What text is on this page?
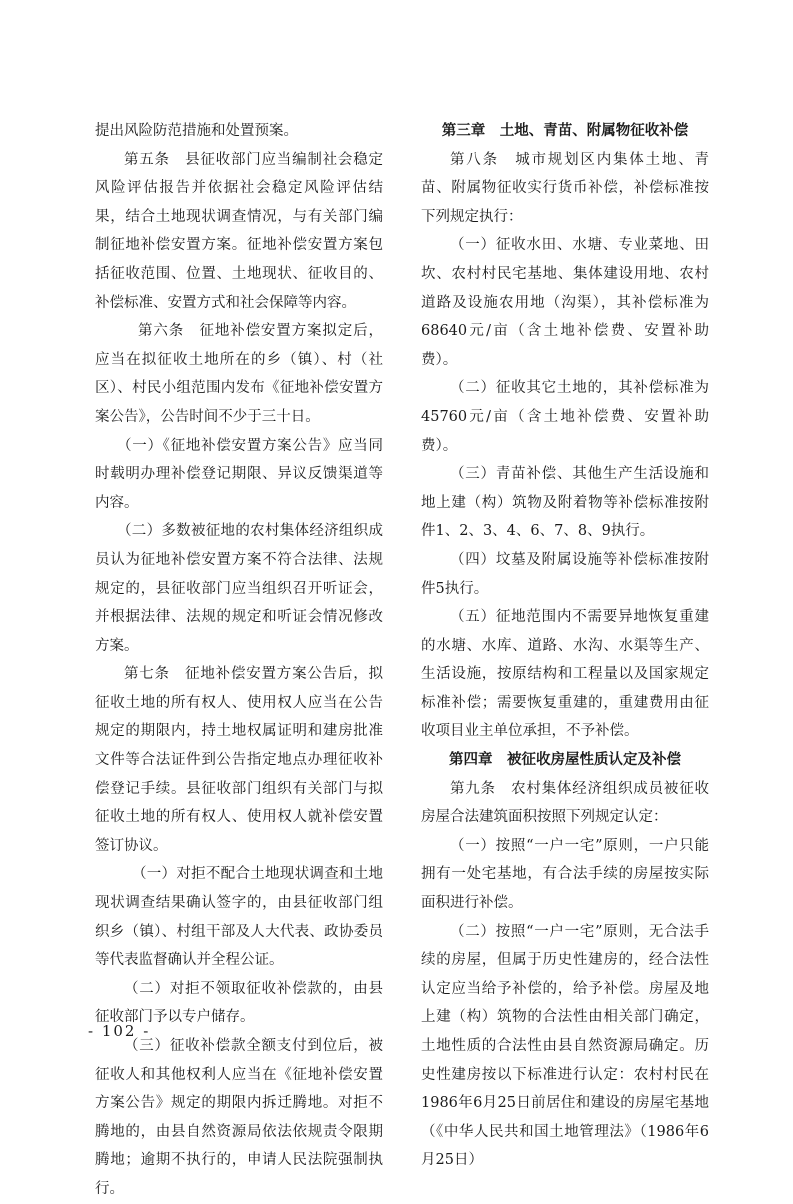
提出风险防范措施和处置预案。

第五条　县征收部门应当编制社会稳定风险评估报告并依据社会稳定风险评估结果，结合土地现状调查情况，与有关部门编制征地补偿安置方案。征地补偿安置方案包括征收范围、位置、土地现状、征收目的、补偿标准、安置方式和社会保障等内容。

第六条　征地补偿安置方案拟定后，应当在拟征收土地所在的乡（镇）、村（社区）、村民小组范围内发布《征地补偿安置方案公告》，公告时间不少于三十日。

（一）《征地补偿安置方案公告》应当同时载明办理补偿登记期限、异议反馈渠道等内容。

（二）多数被征地的农村集体经济组织成员认为征地补偿安置方案不符合法律、法规规定的，县征收部门应当组织召开听证会，并根据法律、法规的规定和听证会情况修改方案。

第七条　征地补偿安置方案公告后，拟征收土地的所有权人、使用权人应当在公告规定的期限内，持土地权属证明和建房批准文件等合法证件到公告指定地点办理征收补偿登记手续。县征收部门组织有关部门与拟征收土地的所有权人、使用权人就补偿安置签订协议。

（一）对拒不配合土地现状调查和土地现状调查结果确认签字的，由县征收部门组织乡（镇）、村组干部及人大代表、政协委员等代表监督确认并全程公证。

（二）对拒不领取征收补偿款的，由县征收部门予以专户储存。

（三）征收补偿款全额支付到位后，被征收人和其他权利人应当在《征地补偿安置方案公告》规定的期限内拆迁腾地。对拒不腾地的，由县自然资源局依法依规责令限期腾地；逾期不执行的，申请人民法院强制执行。

第三章　土地、青苗、附属物征收补偿

第八条　城市规划区内集体土地、青苗、附属物征收实行货币补偿，补偿标准按下列规定执行：

（一）征收水田、水塘、专业菜地、田坎、农村村民宅基地、集体建设用地、农村道路及设施农用地（沟渠），其补偿标准为68640元/亩（含土地补偿费、安置补助费）。

（二）征收其它土地的，其补偿标准为45760元/亩（含土地补偿费、安置补助费）。

（三）青苗补偿、其他生产生活设施和地上建（构）筑物及附着物等补偿标准按附件1、2、3、4、6、7、8、9执行。

（四）坟墓及附属设施等补偿标准按附件5执行。

（五）征地范围内不需要异地恢复重建的水塘、水库、道路、水沟、水渠等生产、生活设施，按原结构和工程量以及国家规定标准补偿；需要恢复重建的，重建费用由征收项目业主单位承担，不予补偿。

第四章　被征收房屋性质认定及补偿

第九条　农村集体经济组织成员被征收房屋合法建筑面积按照下列规定认定：

（一）按照“一户一宅”原则，一户只能拥有一处宅基地，有合法手续的房屋按实际面积进行补偿。

（二）按照“一户一宅”原则，无合法手续的房屋，但属于历史性建房的，经合法性认定应当给予补偿的，给予补偿。房屋及地上建（构）筑物的合法性由相关部门确定，土地性质的合法性由县自然资源局确定。历史性建房按以下标准进行认定：农村村民在1986年6月25日前居住和建设的房屋宅基地（《中华人民共和国土地管理法》（1986年6月25日）

- 102 -
